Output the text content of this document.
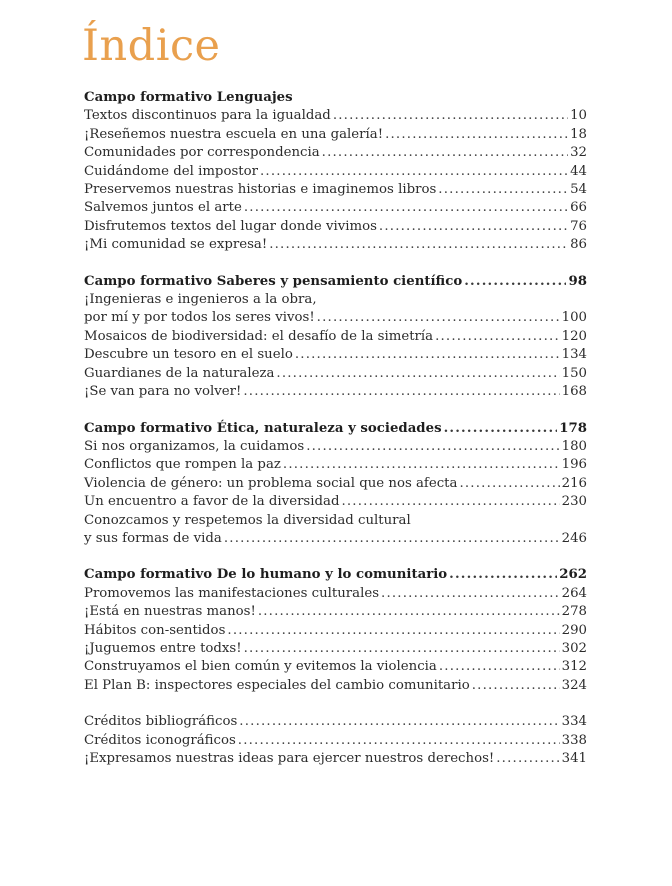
Índice
Campo formativo Lenguajes
Textos discontinuos para la igualdad .....	10
¡Reseñemos nuestra escuela en una galería! .....	18
Comunidades por correspondencia .....	32
Cuidándome del impostor .....	44
Preservemos nuestras historias e imaginemos libros .....	54
Salvemos juntos el arte .....	66
Disfrutemos textos del lugar donde vivimos .....	76
¡Mi comunidad se expresa! .....	86
Campo formativo Saberes y pensamiento científico .....	98
¡Ingenieras e ingenieros a la obra,
por mí y por todos los seres vivos! .....	100
Mosaicos de biodiversidad: el desafío de la simetría .....	120
Descubre un tesoro en el suelo .....	134
Guardianes de la naturaleza .....	150
¡Se van para no volver! .....	168
Campo formativo Ética, naturaleza y sociedades .....	178
Si nos organizamos, la cuidamos .....	180
Conflictos que rompen la paz .....	196
Violencia de género: un problema social que nos afecta .....	216
Un encuentro a favor de la diversidad .....	230
Conozcamos y respetemos la diversidad cultural
y sus formas de vida .....	246
Campo formativo De lo humano y lo comunitario .....	262
Promovemos las manifestaciones culturales .....	264
¡Está en nuestras manos! .....	278
Hábitos con-sentidos .....	290
¡Juguemos entre todxs! .....	302
Construyamos el bien común y evitemos la violencia .....	312
El Plan B: inspectores especiales del cambio comunitario .....	324
Créditos bibliográficos .....	334
Créditos iconográficos .....	338
¡Expresamos nuestras ideas para ejercer nuestros derechos! .....	341
